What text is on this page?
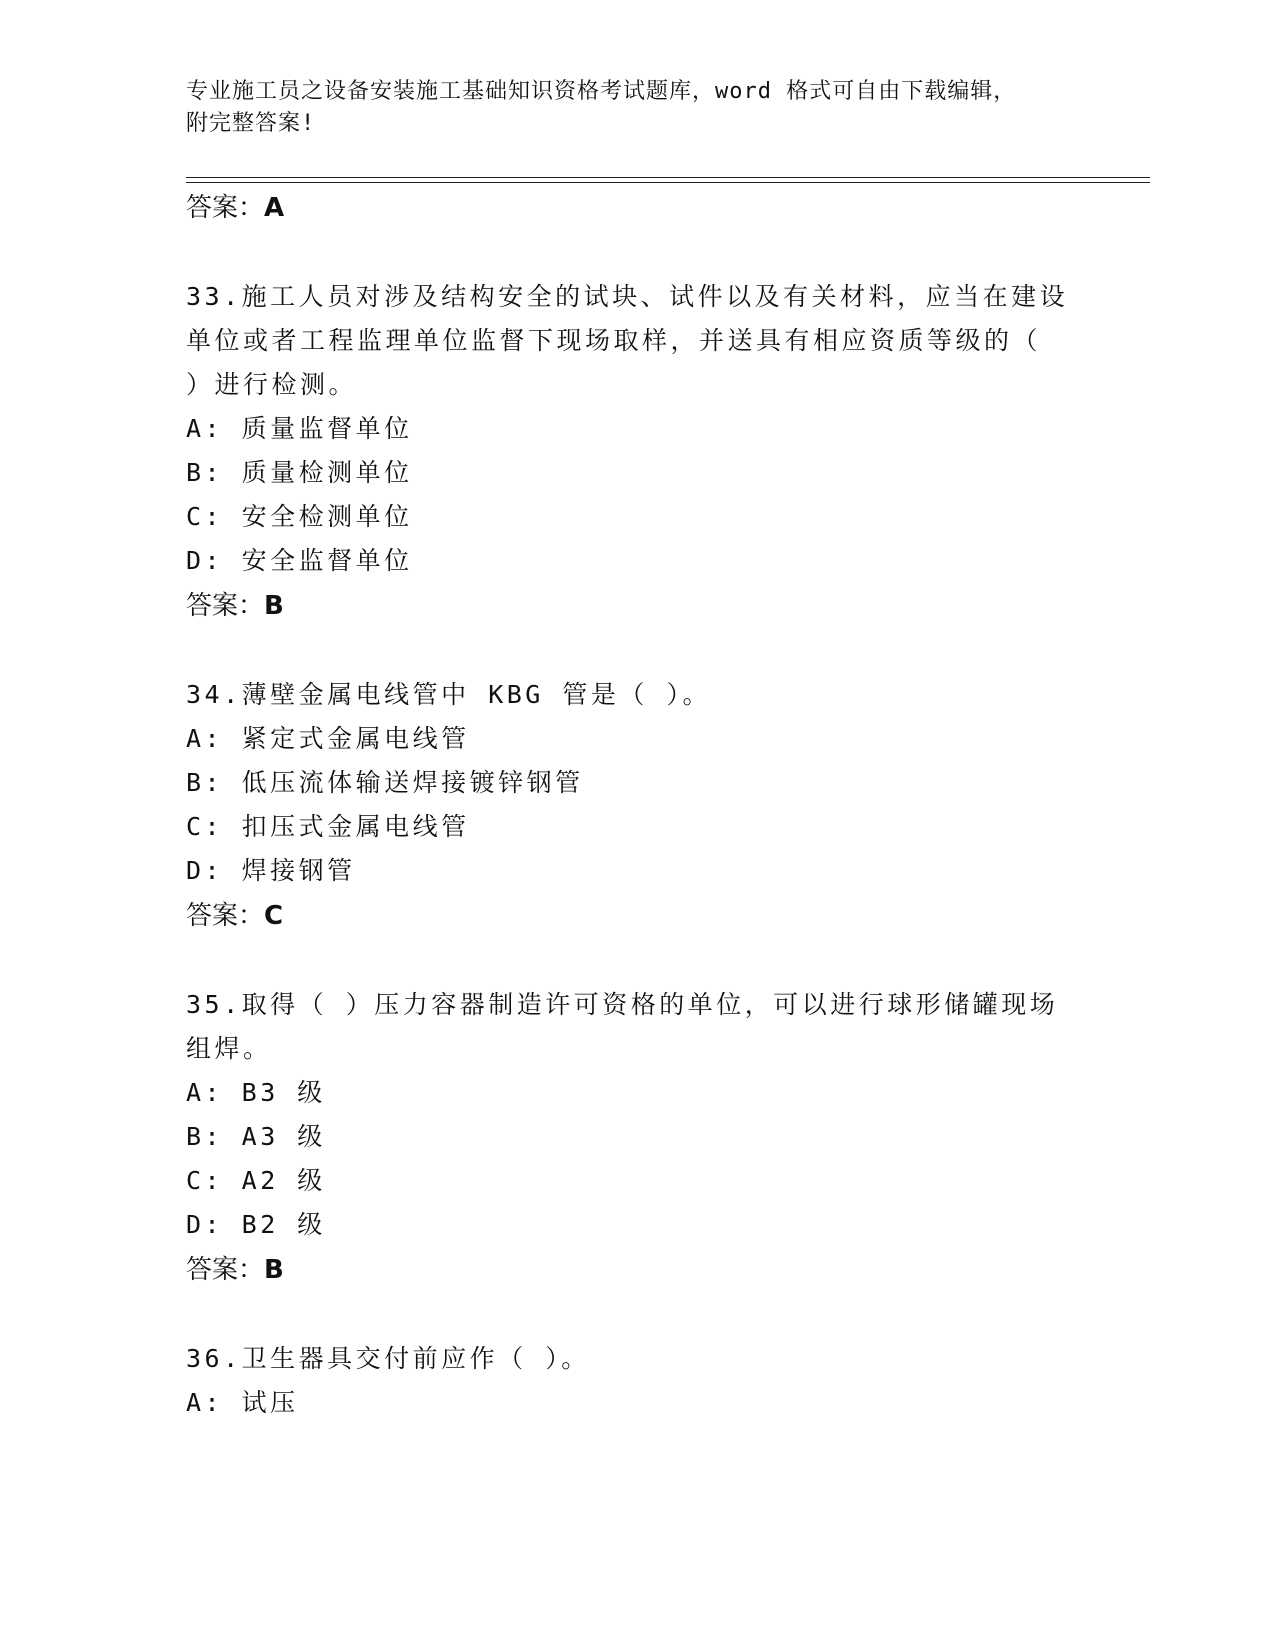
专业施工员之设备安装施工基础知识资格考试题库，word 格式可自由下载编辑，
附完整答案!
答案：A
33.施工人员对涉及结构安全的试块、试件以及有关材料，应当在建设
单位或者工程监理单位监督下现场取样，并送具有相应资质等级的（
）进行检测。
A: 质量监督单位
B: 质量检测单位
C: 安全检测单位
D: 安全监督单位
答案：B
34.薄壁金属电线管中 KBG 管是（ ）。
A: 紧定式金属电线管
B: 低压流体输送焊接镀锌钢管
C: 扣压式金属电线管
D: 焊接钢管
答案：C
35.取得（ ）压力容器制造许可资格的单位，可以进行球形储罐现场
组焊。
A: B3 级
B: A3 级
C: A2 级
D: B2 级
答案：B
36.卫生器具交付前应作（ ）。
A: 试压
